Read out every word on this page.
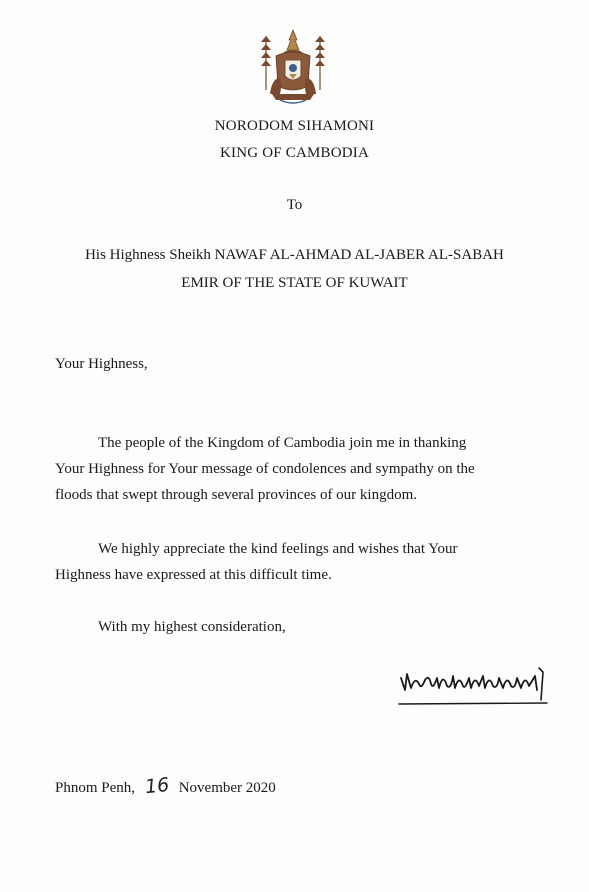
NORODOM SIHAMONI
KING OF CAMBODIA
To
His Highness Sheikh NAWAF AL-AHMAD AL-JABER AL-SABAH
EMIR OF THE STATE OF KUWAIT
Your Highness,

The people of the Kingdom of Cambodia join me in thanking
Your Highness for Your message of condolences and sympathy on the
floods that swept through several provinces of our kingdom.

We highly appreciate the kind feelings and wishes that Your
Highness have expressed at this difficult time.

With my highest consideration,
Phnom Penh, 16 November 2020
